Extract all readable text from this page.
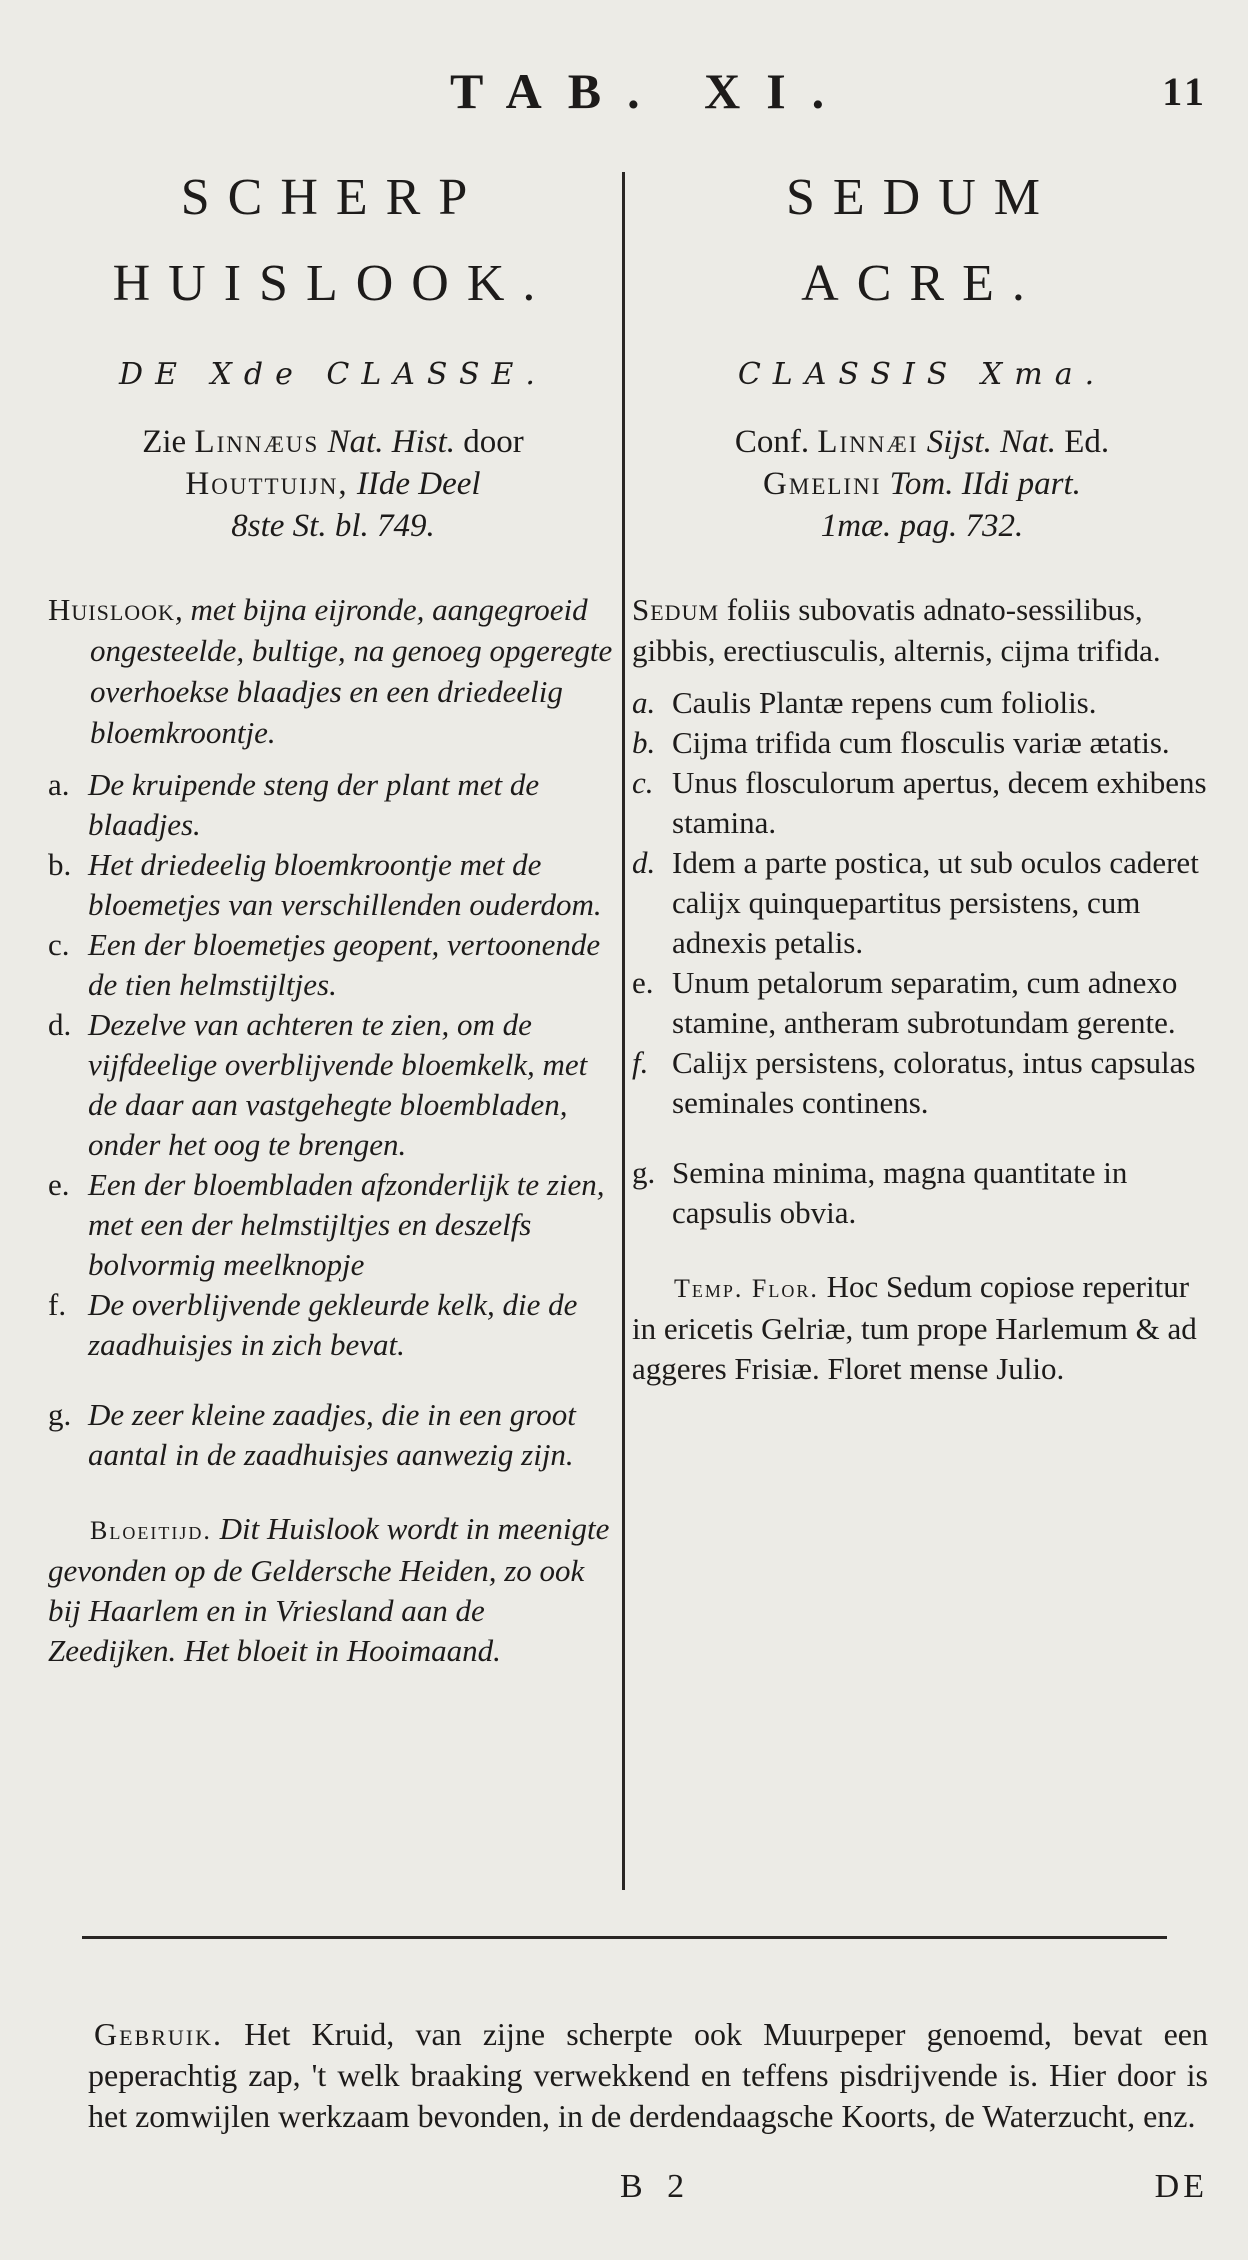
TAB. XI.	11
SCHERP
HUISLOOK.
DE Xde CLASSE.
Zie Linnæus Nat. Hist. door
Houttuijn, IIde Deel
8ste St. bl. 749.

Huislook, met bijna eijronde, aangegroeid ongesteelde, bultige, na genoeg opgeregte overhoekse blaadjes en een driedeelig bloemkroontje.

a. De kruipende steng der plant met de blaadjes.
b. Het driedeelig bloemkroontje met de bloemetjes van verschillenden ouderdom.
c. Een der bloemetjes geopent, vertoonende de tien helmstijltjes.
d. Dezelve van achteren te zien, om de vijfdeelige overblijvende bloemkelk, met de daar aan vastgehegte bloembladen, onder het oog te brengen.
e. Een der bloembladen afzonderlijk te zien, met een der helmstijltjes en deszelfs bolvormig meelknopje
f. De overblijvende gekleurde kelk, die de zaadhuisjes in zich bevat.
g. De zeer kleine zaadjes, die in een groot aantal in de zaadhuisjes aanwezig zijn.

Bloeitijd. Dit Huislook wordt in meenigte gevonden op de Geldersche Heiden, zo ook bij Haarlem en in Vriesland aan de Zeedijken. Het bloeit in Hooimaand.

SEDUM
ACRE.
CLASSIS Xma.
Conf. Linnæi Sijst. Nat. Ed.
Gmelini Tom. IIdi part.
1mæ. pag. 732.

Sedum foliis subovatis adnato-sessilibus, gibbis, erectiusculis, alternis, cijma trifida.

a. Caulis Plantæ repens cum foliolis.
b. Cijma trifida cum flosculis variæ ætatis.
c. Unus flosculorum apertus, decem exhibens stamina.
d. Idem a parte postica, ut sub oculos caderet calijx quinquepartitus persistens, cum adnexis petalis.
e. Unum petalorum separatim, cum adnexo stamine, antheram subrotundam gerente.
f. Calijx persistens, coloratus, intus capsulas seminales continens.
g. Semina minima, magna quantitate in capsulis obvia.

Temp. Flor. Hoc Sedum copiose reperitur in ericetis Gelriæ, tum prope Harlemum & ad aggeres Frisiæ. Floret mense Julio.

Gebruik. Het Kruid, van zijne scherpte ook Muurpeper genoemd, bevat een peperachtig zap, 't welk braaking verwekkend en teffens pisdrijvende is. Hier door is het zomwijlen werkzaam bevonden, in de derdendaagsche Koorts, de Waterzucht, enz.

B 2	DE
